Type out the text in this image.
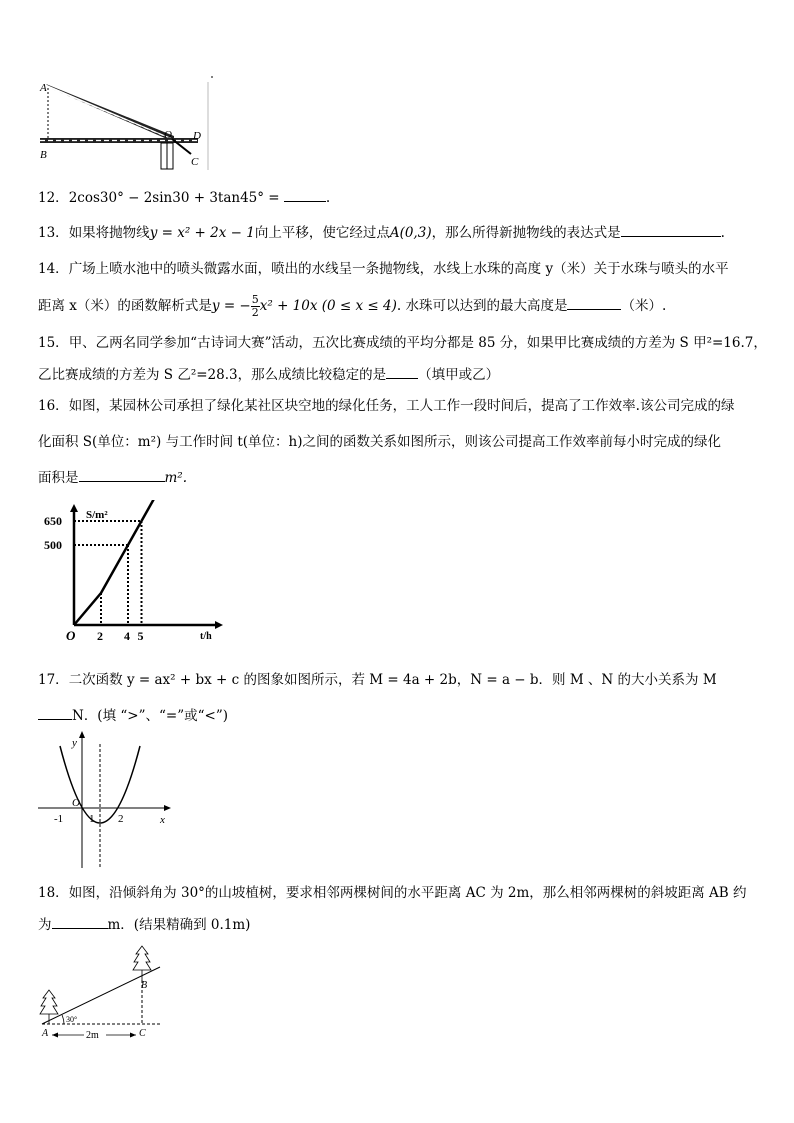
A
B
O D
C
12．2cos30° − 2sin30 + 3tan45° =	.
13．如果将抛物线y = x² + 2x − 1向上平移，使它经过点A(0,3)，那么所得新抛物线的表达式是	.
14．广场上喷水池中的喷头微露水面，喷出的水线呈一条抛物线，水线上水珠的高度 y（米）关于水珠与喷头的水平
距离 x（米）的函数解析式是y = − $\frac{5}{2} x^2 + 10x$ (0 ≤ x ≤ 4). 水珠可以达到的最大高度是	（米）.
15．甲、乙两名同学参加“古诗词大赛”活动，五次比赛成绩的平均分都是 85 分，如果甲比赛成绩的方差为 S 甲²=16.7，
乙比赛成绩的方差为 S 乙²=28.3，那么成绩比较稳定的是 （填甲或乙）
16．如图，某园林公司承担了绿化某社区块空地的绿化任务，工人工作一段时间后，提高了工作效率.该公司完成的绿
化面积 S(单位：m²) 与工作时间 t(单位：h)之间的函数关系如图所示，则该公司提高工作效率前每小时完成的绿化
面积是	m².
2 4 5
500
650 S/m²
t/h
O
17．二次函数 y = ax² + bx + c 的图象如图所示，若 M = 4a + 2b，N = a − b．则 M 、N 的大小关系为 M
N．(填 “>”、“=”或“<”)
y
x
O
-1 1 2
18．如图，沿倾斜角为 30°的山坡植树，要求相邻两棵树间的水平距离 AC 为 2m，那么相邻两棵树的斜坡距离 AB 约
为	m．(结果精确到 0.1m)
2m
30°
A
B
C
